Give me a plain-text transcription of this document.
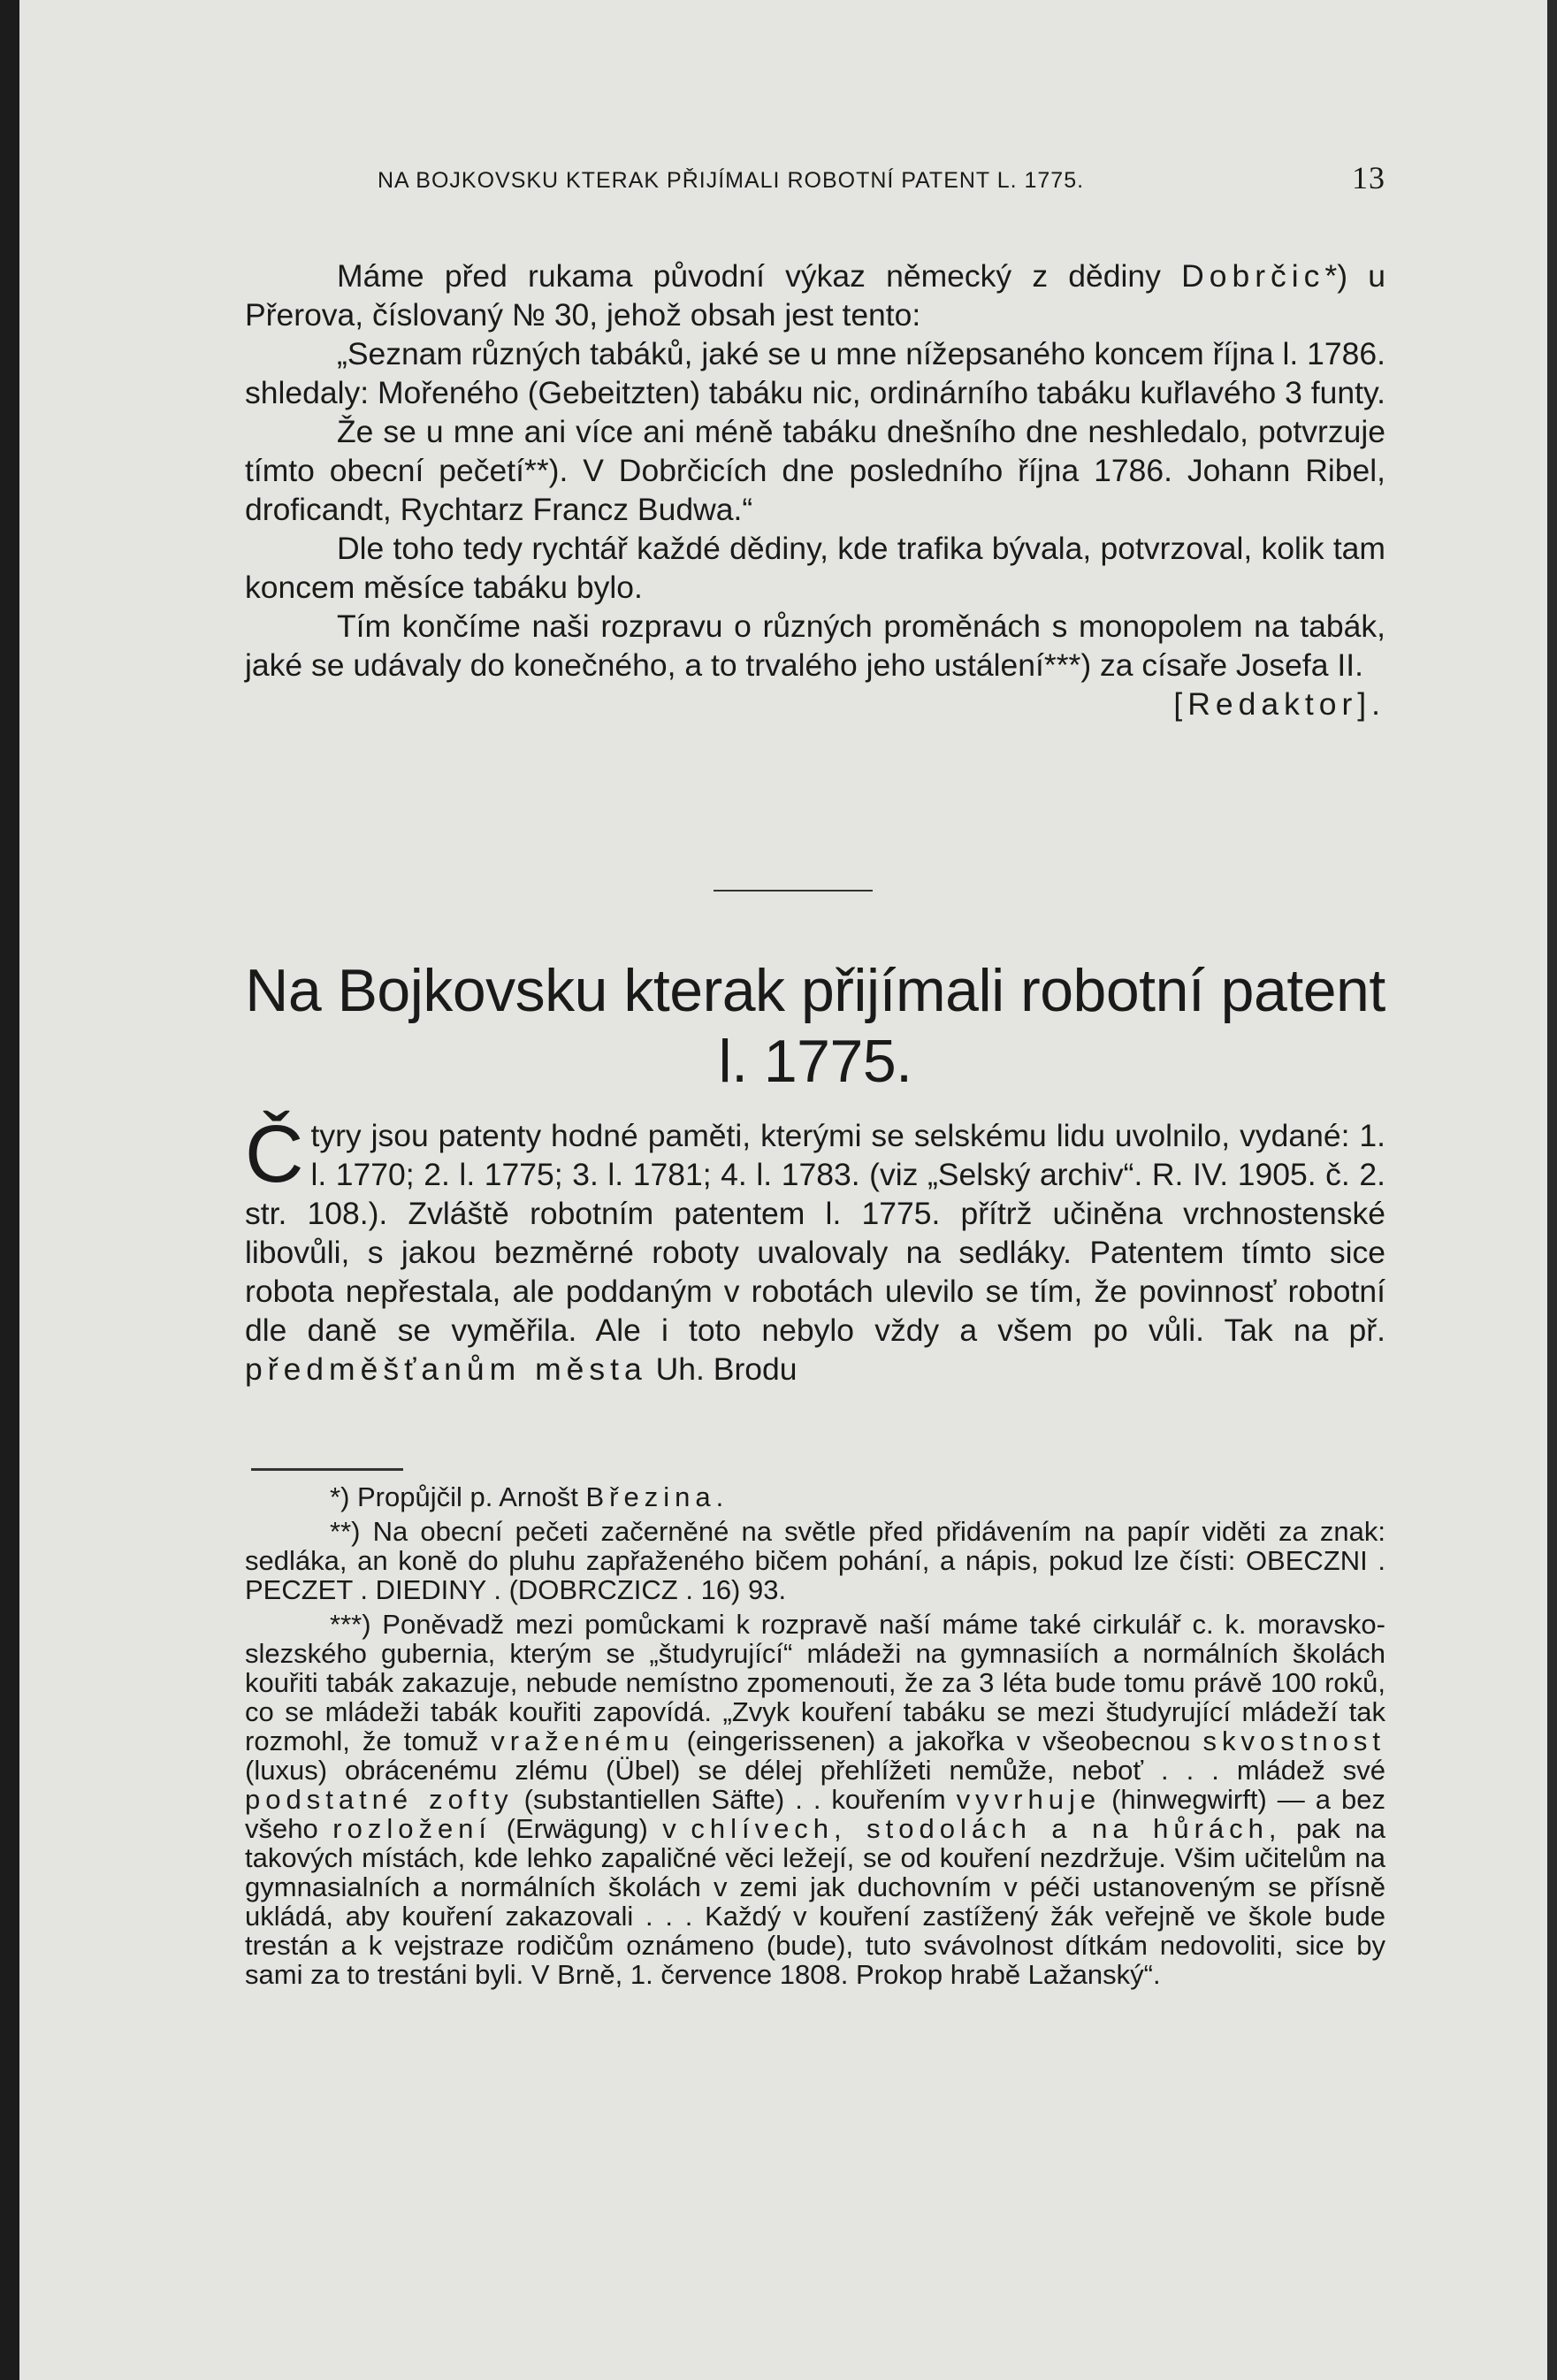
NA BOJKOVSKU KTERAK PŘIJÍMALI ROBOTNÍ PATENT L. 1775.	13

Máme před rukama původní výkaz německý z dědiny Dobrčic*) u Přerova, číslovaný № 30, jehož obsah jest tento:

„Seznam různých tabáků, jaké se u mne nížepsaného koncem října l. 1786. shledaly: Mořeného (Gebeitzten) tabáku nic, ordinárního tabáku kuřlavého 3 funty.

Že se u mne ani více ani méně tabáku dnešního dne neshledalo, potvrzuje tímto obecní pečetí**). V Dobrčicích dne posledního října 1786. Johann Ribel, droficandt, Rychtarz Francz Budwa.“

Dle toho tedy rychtář každé dědiny, kde trafika bývala, potvrzoval, kolik tam koncem měsíce tabáku bylo.

Tím končíme naši rozpravu o různých proměnách s monopolem na tabák, jaké se udávaly do konečného, a to trvalého jeho ustálení***) za císaře Josefa II.
[Redaktor].

Na Bojkovsku kterak přijímali robotní patent l. 1775.

Čtyry jsou patenty hodné paměti, kterými se selskému lidu uvolnilo, vydané: 1. l. 1770; 2. l. 1775; 3. l. 1781; 4. l. 1783. (viz „Selský archiv“. R. IV. 1905. č. 2. str. 108.). Zvláště robotním patentem l. 1775. přítrž učiněna vrchnostenské libovůli, s jakou bezměrné roboty uvalovaly na sedláky. Patentem tímto sice robota nepřestala, ale poddaným v robotách ulevilo se tím, že povinnosť robotní dle daně se vyměřila. Ale i toto nebylo vždy a všem po vůli. Tak na př. předměšťanům města Uh. Brodu

*) Propůjčil p. Arnošt Březina.

**) Na obecní pečeti začerněné na světle před přidávením na papír viděti za znak: sedláka, an koně do pluhu zapřaženého bičem pohání, a nápis, pokud lze čísti: OBECZNI . PECZET . DIEDINY . (DOBRCZICZ . 16) 93.

***) Poněvadž mezi pomůckami k rozpravě naší máme také cirkulář c. k. moravsko-slezského gubernia, kterým se „študyrující“ mládeži na gymnasiích a normálních školách kouřiti tabák zakazuje, nebude nemístno zpomenouti, že za 3 léta bude tomu právě 100 roků, co se mládeži tabák kouřiti zapovídá. „Zvyk kouření tabáku se mezi študyrující mládeží tak rozmohl, že tomuž vraženému (eingerissenen) a jakořka v všeobecnou skvostnost (luxus) obrácenému zlému (Übel) se délej přehlížeti nemůže, neboť . . . mládež své podstatné zofty (substantiellen Säfte) . . kouřením vyvrhuje (hinwegwirft) — a bez všeho rozložení (Erwägung) v chlívech, stodolách a na hůrách, pak na takových místách, kde lehko zapaličné věci ležejí, se od kouření nezdržuje. Všim učitelům na gymnasialních a normálních školách v zemi jak duchovním v péči ustanoveným se přísně ukládá, aby kouření zakazovali . . . Každý v kouření zastížený žák veřejně ve škole bude trestán a k vejstraze rodičům oznámeno (bude), tuto svávolnost dítkám nedovoliti, sice by sami za to trestáni byli. V Brně, 1. července 1808. Prokop hrabě Lažanský“.
